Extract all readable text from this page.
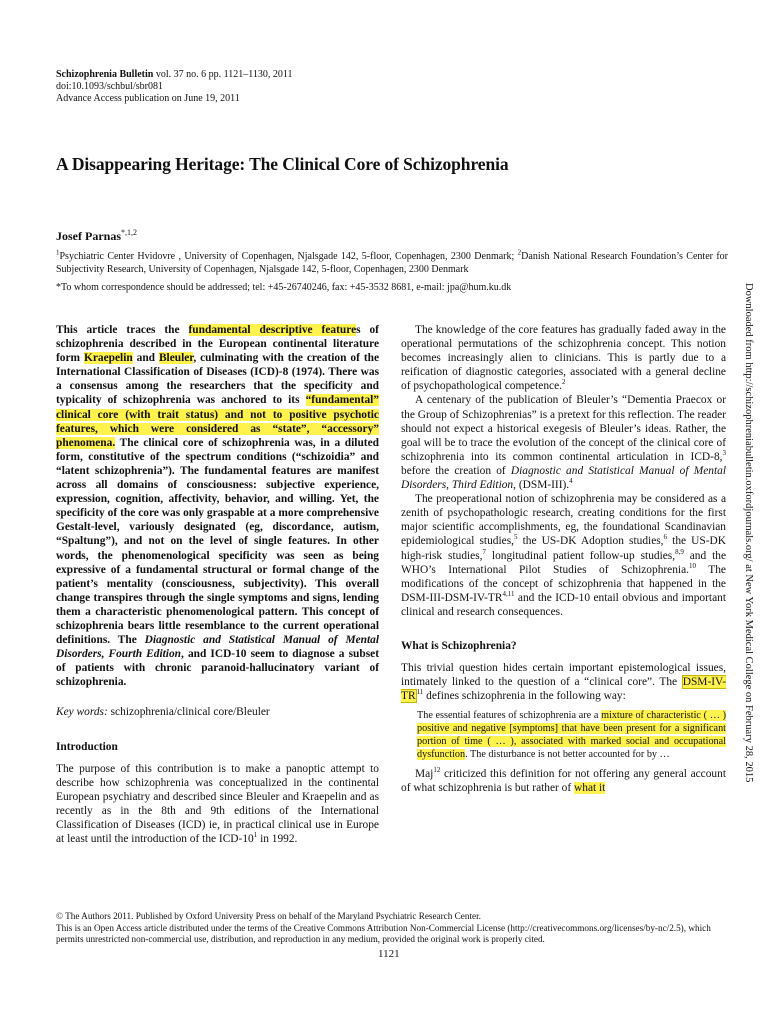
Schizophrenia Bulletin vol. 37 no. 6 pp. 1121–1130, 2011
doi:10.1093/schbul/sbr081
Advance Access publication on June 19, 2011
A Disappearing Heritage: The Clinical Core of Schizophrenia
Josef Parnas$^{*,1,2}$
$^1$Psychiatric Center Hvidovre , University of Copenhagen, Njalsgade 142, 5-floor, Copenhagen, 2300 Denmark; $^2$Danish National Research Foundation’s Center for Subjectivity Research, University of Copenhagen, Njalsgade 142, 5-floor, Copenhagen, 2300 Denmark
*To whom correspondence should be addressed; tel: +45-26740246, fax: +45-3532 8681, e-mail: jpa@hum.ku.dk
This article traces the fundamental descriptive features of schizophrenia described in the European continental literature form Kraepelin and Bleuler, culminating with the creation of the International Classification of Diseases (ICD)-8 (1974). There was a consensus among the researchers that the specificity and typicality of schizophrenia was anchored to its “fundamental” clinical core (with trait status) and not to positive psychotic features, which were considered as “state”, “accessory” phenomena. The clinical core of schizophrenia was, in a diluted form, constitutive of the spectrum conditions (“schizoidia” and “latent schizophrenia”). The fundamental features are manifest across all domains of consciousness: subjective experience, expression, cognition, affectivity, behavior, and willing. Yet, the specificity of the core was only graspable at a more comprehensive Gestalt-level, variously designated (eg, discordance, autism, “Spaltung”), and not on the level of single features. In other words, the phenomenological specificity was seen as being expressive of a fundamental structural or formal change of the patient’s mentality (consciousness, subjectivity). This overall change transpires through the single symptoms and signs, lending them a characteristic phenomenological pattern. This concept of schizophrenia bears little resemblance to the current operational definitions. The Diagnostic and Statistical Manual of Mental Disorders, Fourth Edition, and ICD-10 seem to diagnose a subset of patients with chronic paranoid-hallucinatory variant of schizophrenia.
Key words: schizophrenia/clinical core/Bleuler
Introduction

The purpose of this contribution is to make a panoptic attempt to describe how schizophrenia was conceptualized in the continental European psychiatry and described since Bleuler and Kraepelin and as recently as in the 8th and 9th editions of the International Classification of Diseases (ICD) ie, in practical clinical use in Europe at least until the introduction of the ICD-$10^1$ in 1992.

The knowledge of the core features has gradually faded away in the operational permutations of the schizophrenia concept. This notion becomes increasingly alien to clinicians. This is partly due to a reification of diagnostic categories, associated with a general decline of psychopathological competence.$^2$

A centenary of the publication of Bleuler’s “Dementia Praecox or the Group of Schizophrenias” is a pretext for this reflection. The reader should not expect a historical exegesis of Bleuler’s ideas. Rather, the goal will be to trace the evolution of the concept of the clinical core of schizophrenia into its common continental articulation in ICD-8,$^3$ before the creation of Diagnostic and Statistical Manual of Mental Disorders, Third Edition, (DSM-III).$^4$

The preoperational notion of schizophrenia may be considered as a zenith of psychopathologic research, creating conditions for the first major scientific accomplishments, eg, the foundational Scandinavian epidemiological studies,$^5$ the US-DK Adoption studies,$^6$ the US-DK high-risk studies,$^7$ longitudinal patient follow-up studies,$^{8,9}$ and the WHO’s International Pilot Studies of Schizophrenia.$^{10}$ The modifications of the concept of schizophrenia that happened in the DSM-III-DSM-IV-TR$^{4,11}$ and the ICD-10 entail obvious and important clinical and research consequences.

What is Schizophrenia?

This trivial question hides certain important epistemological issues, intimately linked to the question of a “clinical core”. The DSM-IV-TR$^{11}$ defines schizophrenia in the following way:

The essential features of schizophrenia are a mixture of characteristic ( … ) positive and negative [symptoms] that have been present for a significant portion of time ( … ), associated with marked social and occupational dysfunction. The disturbance is not better accounted for by …

Maj$^{12}$ criticized this definition for not offering any general account of what schizophrenia is but rather of what it

Downloaded from http://schizophreniabulletin.oxfordjournals.org/ at New York Medical College on February 28, 2015
© The Authors 2011. Published by Oxford University Press on behalf of the Maryland Psychiatric Research Center.
This is an Open Access article distributed under the terms of the Creative Commons Attribution Non-Commercial License (http://creativecommons.org/licenses/by-nc/2.5), which permits unrestricted non-commercial use, distribution, and reproduction in any medium, provided the original work is properly cited.
1121
